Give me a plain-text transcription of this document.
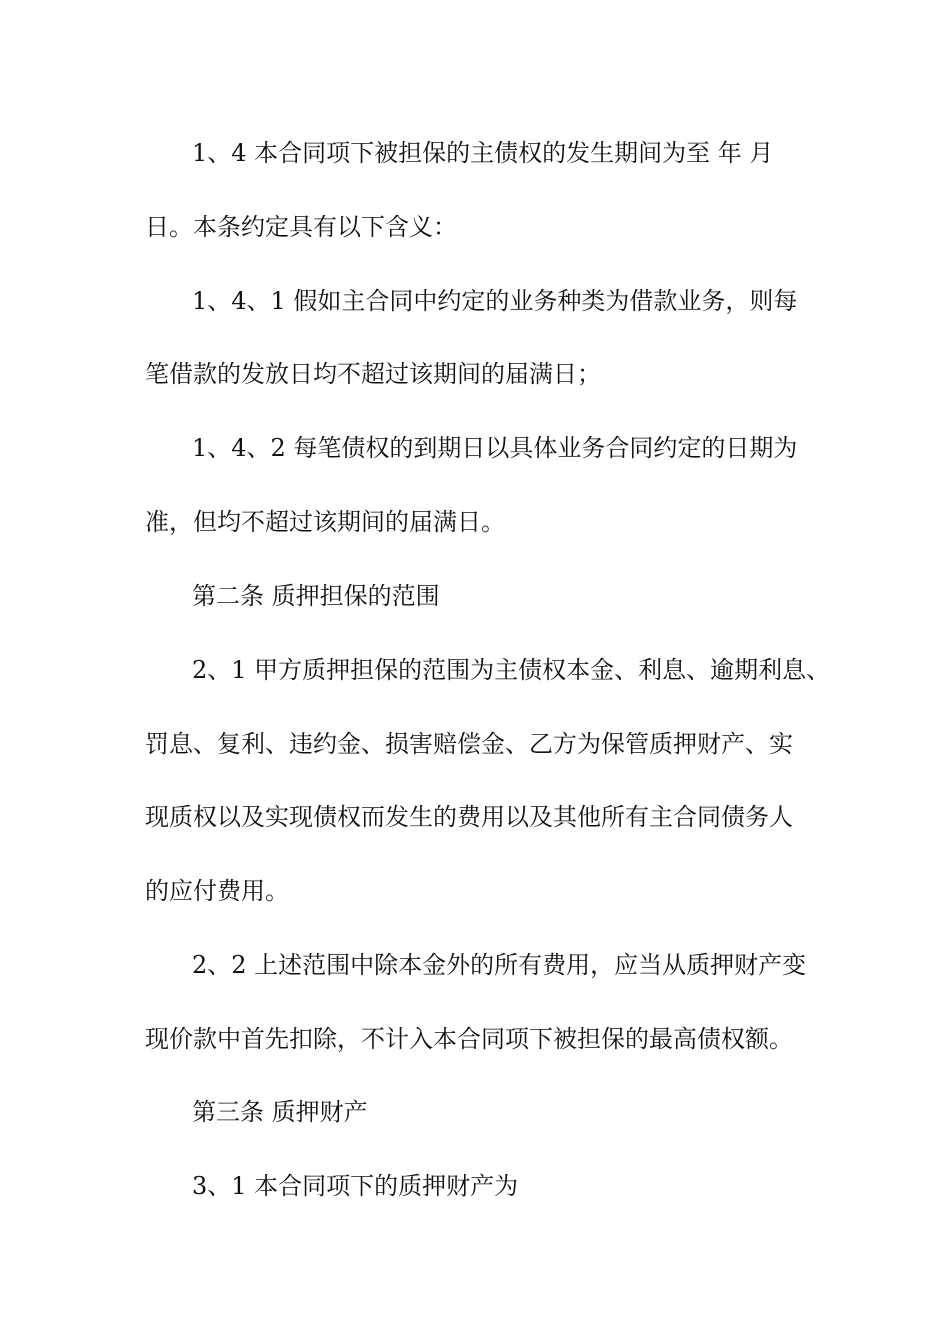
1、4 本合同项下被担保的主债权的发生期间为至 年 月
日。本条约定具有以下含义：
1、4、1 假如主合同中约定的业务种类为借款业务，则每
笔借款的发放日均不超过该期间的届满日；
1、4、2 每笔债权的到期日以具体业务合同约定的日期为
准，但均不超过该期间的届满日。
第二条 质押担保的范围
2、1 甲方质押担保的范围为主债权本金、利息、逾期利息、
罚息、复利、违约金、损害赔偿金、乙方为保管质押财产、实
现质权以及实现债权而发生的费用以及其他所有主合同债务人
的应付费用。
2、2 上述范围中除本金外的所有费用，应当从质押财产变
现价款中首先扣除，不计入本合同项下被担保的最高债权额。
第三条 质押财产
3、1 本合同项下的质押财产为
